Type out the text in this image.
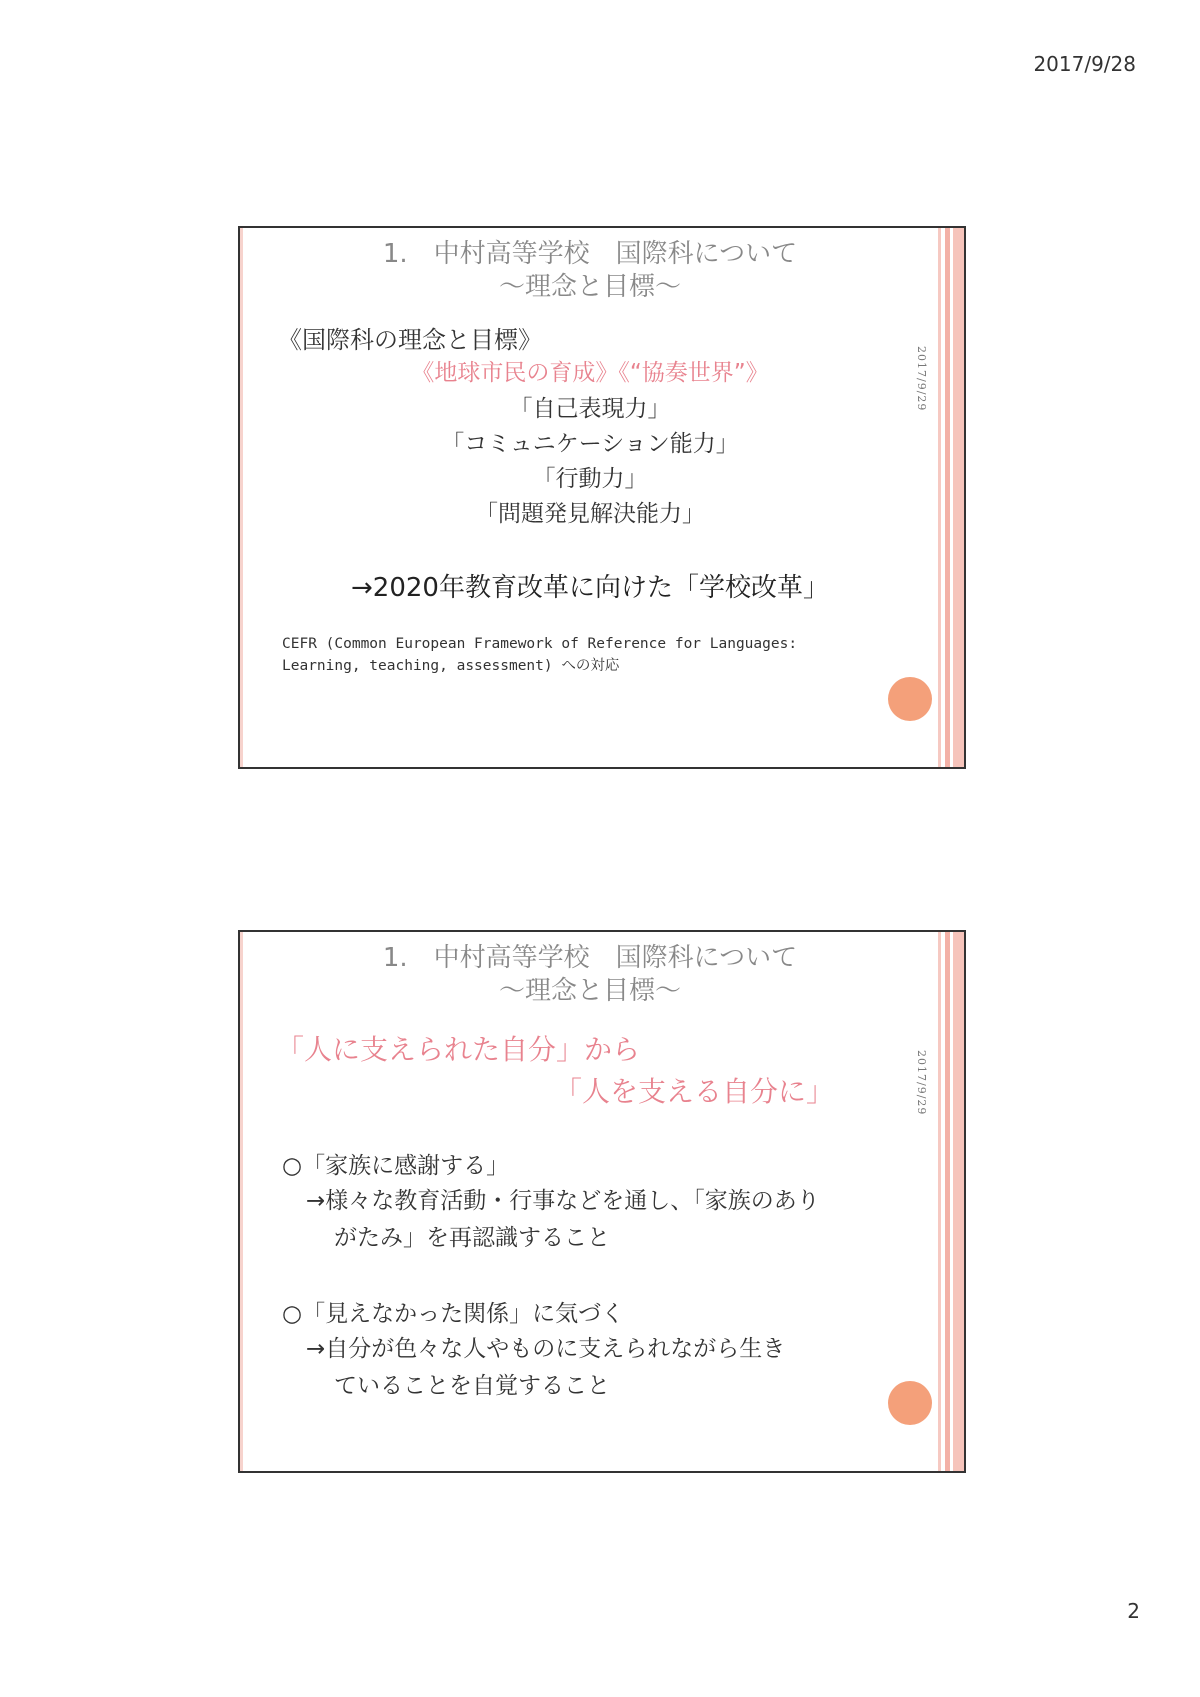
2017/9/28
2017/9/29
1.　中村高等学校　国際科について
～理念と目標～
《国際科の理念と目標》
《地球市民の育成》《“協奏世界”》
「自己表現力」
「コミュニケーション能力」
「行動力」
「問題発見解決能力」
→2020年教育改革に向けた「学校改革」
CEFR (Common European Framework of Reference for Languages:
Learning, teaching, assessment) への対応
2017/9/29
1.　中村高等学校　国際科について
～理念と目標～
「人に支えられた自分」から
「人を支える自分に」
○「家族に感謝する」
→様々な教育活動・行事などを通し、「家族のあり
がたみ」を再認識すること
○「見えなかった関係」に気づく
→自分が色々な人やものに支えられながら生き
ていることを自覚すること
2
